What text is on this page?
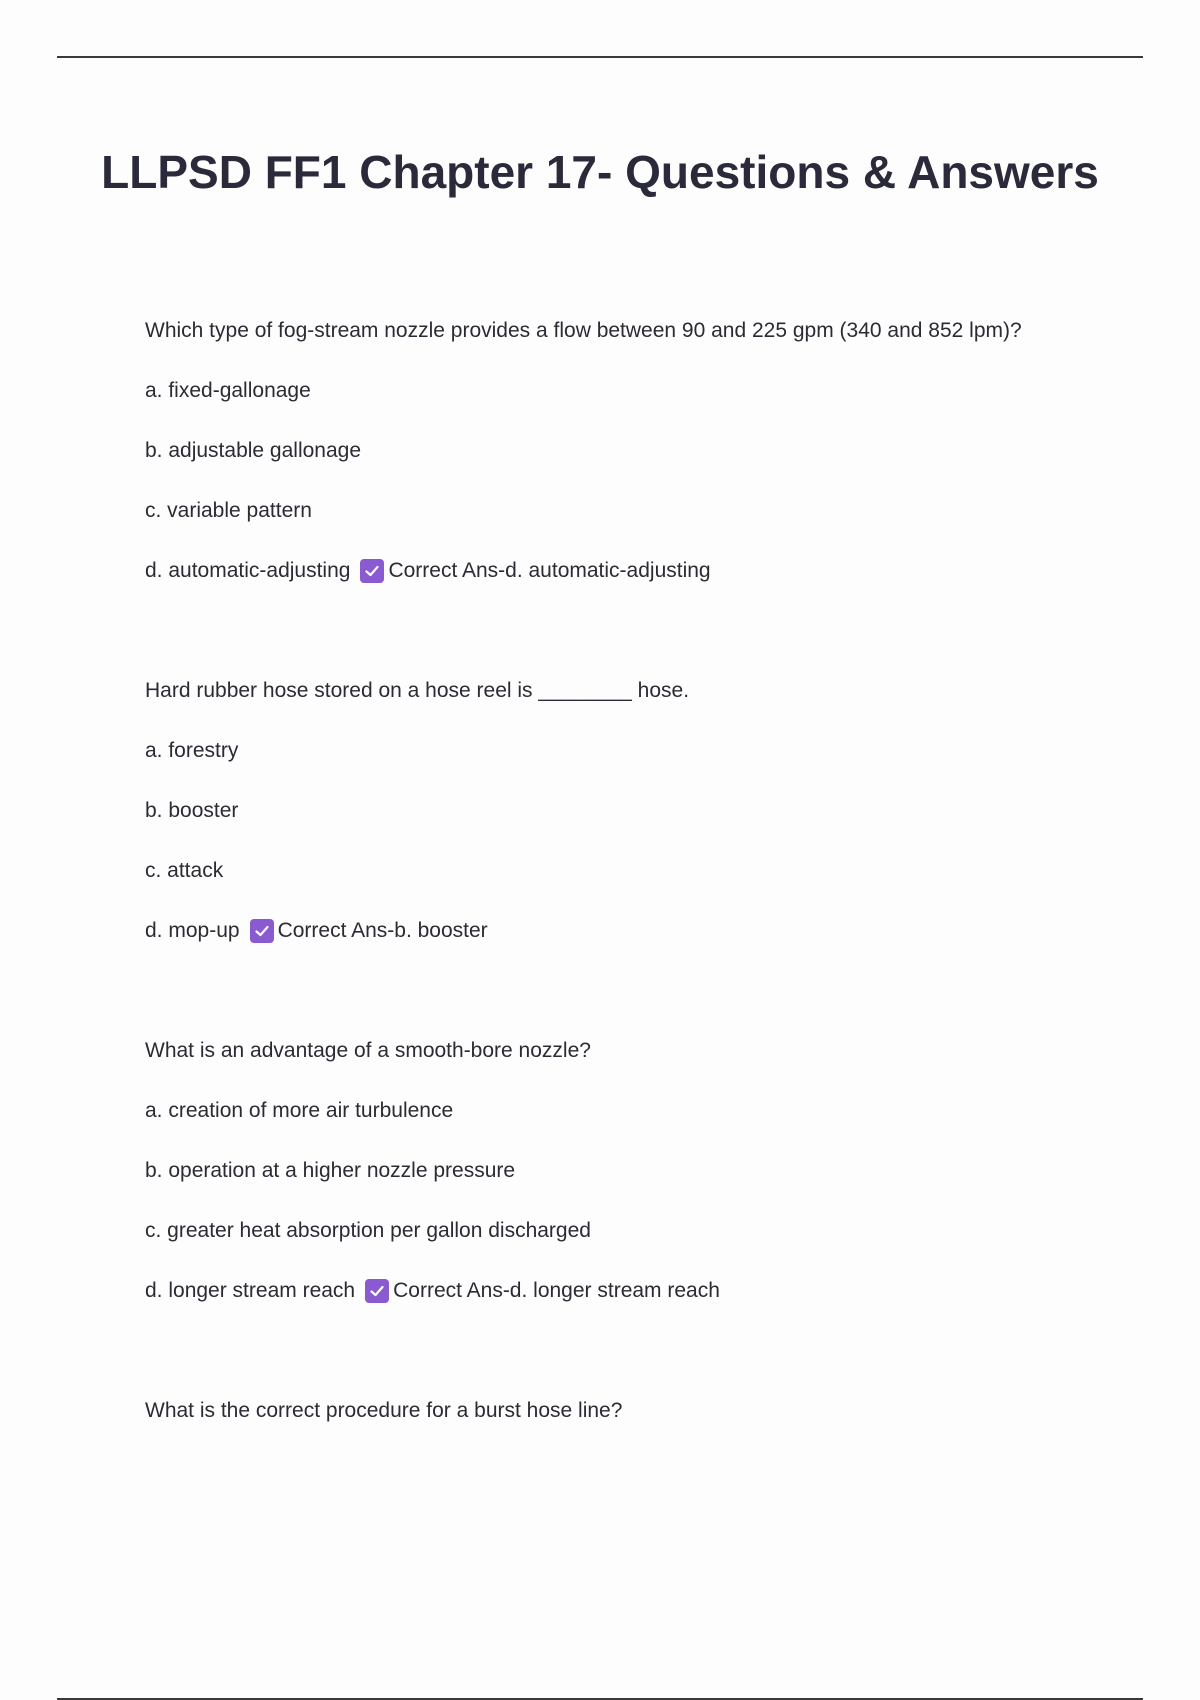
LLPSD FF1 Chapter 17- Questions & Answers

Which type of fog-stream nozzle provides a flow between 90 and 225 gpm (340 and 852 lpm)?

a. fixed-gallonage

b. adjustable gallonage

c. variable pattern

d. automatic-adjusting Correct Ans-d. automatic-adjusting

Hard rubber hose stored on a hose reel is ________ hose.

a. forestry

b. booster

c. attack

d. mop-up Correct Ans-b. booster

What is an advantage of a smooth-bore nozzle?

a. creation of more air turbulence

b. operation at a higher nozzle pressure

c. greater heat absorption per gallon discharged

d. longer stream reach Correct Ans-d. longer stream reach

What is the correct procedure for a burst hose line?
